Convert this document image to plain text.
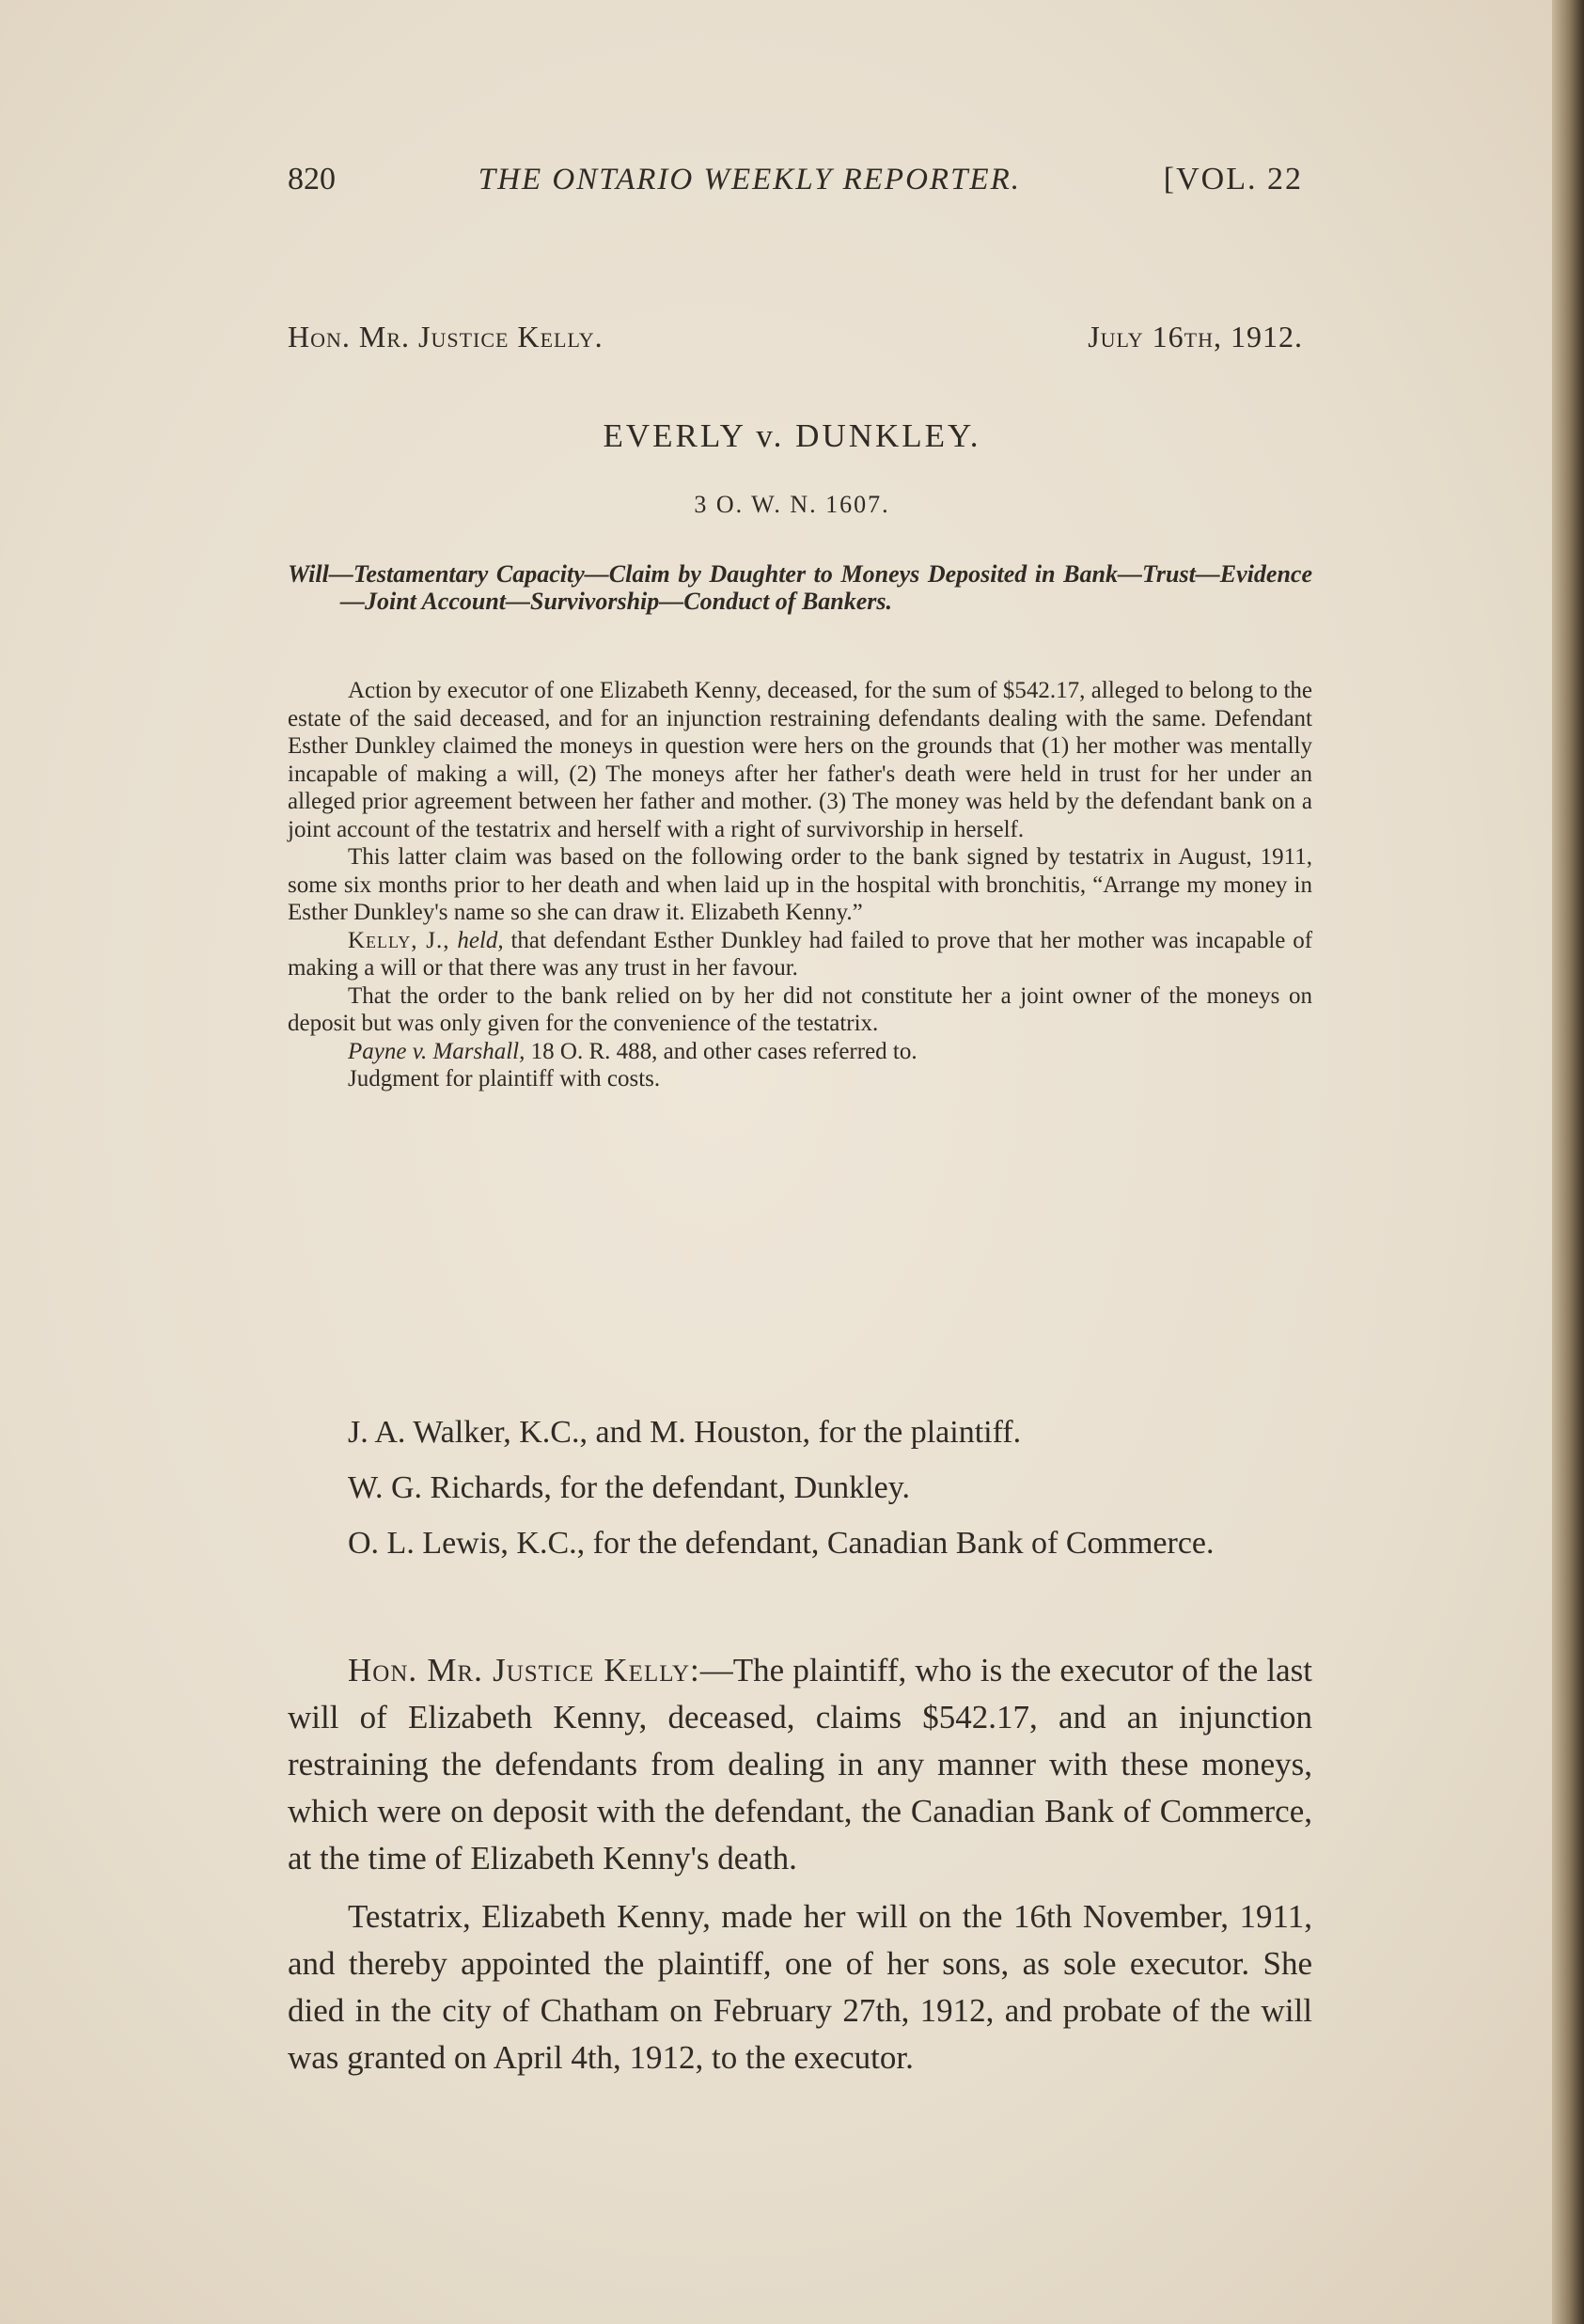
820	THE ONTARIO WEEKLY REPORTER.	[VOL. 22
Hon. Mr. Justice Kelly.	July 16th, 1912.
EVERLY v. DUNKLEY.
3 O. W. N. 1607.
Will—Testamentary Capacity—Claim by Daughter to Moneys Deposited in Bank—Trust—Evidence—Joint Account—Survivorship—Conduct of Bankers.

Action by executor of one Elizabeth Kenny, deceased, for the sum of $542.17, alleged to belong to the estate of the said deceased, and for an injunction restraining defendants dealing with the same. Defendant Esther Dunkley claimed the moneys in question were hers on the grounds that (1) her mother was mentally incapable of making a will, (2) The moneys after her father's death were held in trust for her under an alleged prior agreement between her father and mother. (3) The money was held by the defendant bank on a joint account of the testatrix and herself with a right of survivorship in herself.

This latter claim was based on the following order to the bank signed by testatrix in August, 1911, some six months prior to her death and when laid up in the hospital with bronchitis, “Arrange my money in Esther Dunkley's name so she can draw it. Elizabeth Kenny.”

Kelly, J., held, that defendant Esther Dunkley had failed to prove that her mother was incapable of making a will or that there was any trust in her favour.

That the order to the bank relied on by her did not constitute her a joint owner of the moneys on deposit but was only given for the convenience of the testatrix.

Payne v. Marshall, 18 O. R. 488, and other cases referred to.

Judgment for plaintiff with costs.

J. A. Walker, K.C., and M. Houston, for the plaintiff.

W. G. Richards, for the defendant, Dunkley.

O. L. Lewis, K.C., for the defendant, Canadian Bank of Commerce.

Hon. Mr. Justice Kelly:—The plaintiff, who is the executor of the last will of Elizabeth Kenny, deceased, claims $542.17, and an injunction restraining the defendants from dealing in any manner with these moneys, which were on deposit with the defendant, the Canadian Bank of Commerce, at the time of Elizabeth Kenny's death.

Testatrix, Elizabeth Kenny, made her will on the 16th November, 1911, and thereby appointed the plaintiff, one of her sons, as sole executor. She died in the city of Chatham on February 27th, 1912, and probate of the will was granted on April 4th, 1912, to the executor.
